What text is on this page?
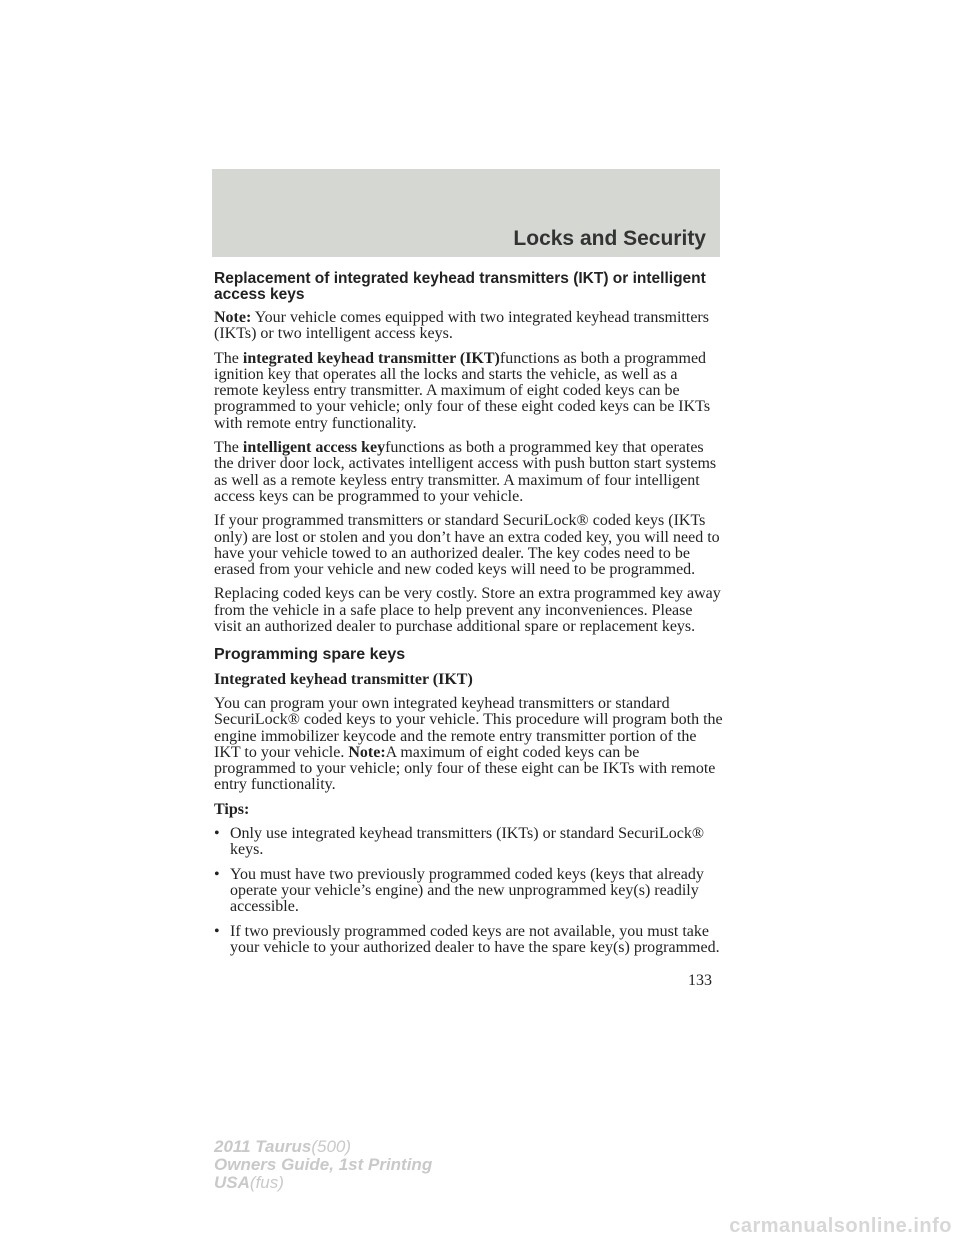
Locks and Security
Replacement of integrated keyhead transmitters (IKT) or intelligent access keys

Note: Your vehicle comes equipped with two integrated keyhead transmitters (IKTs) or two intelligent access keys.

The integrated keyhead transmitter (IKT)functions as both a programmed ignition key that operates all the locks and starts the vehicle, as well as a remote keyless entry transmitter. A maximum of eight coded keys can be programmed to your vehicle; only four of these eight coded keys can be IKTs with remote entry functionality.

The intelligent access keyfunctions as both a programmed key that operates the driver door lock, activates intelligent access with push button start systems as well as a remote keyless entry transmitter. A maximum of four intelligent access keys can be programmed to your vehicle.

If your programmed transmitters or standard SecuriLock® coded keys (IKTs only) are lost or stolen and you don’t have an extra coded key, you will need to have your vehicle towed to an authorized dealer. The key codes need to be erased from your vehicle and new coded keys will need to be programmed.

Replacing coded keys can be very costly. Store an extra programmed key away from the vehicle in a safe place to help prevent any inconveniences. Please visit an authorized dealer to purchase additional spare or replacement keys.

Programming spare keys
Integrated keyhead transmitter (IKT)

You can program your own integrated keyhead transmitters or standard SecuriLock® coded keys to your vehicle. This procedure will program both the engine immobilizer keycode and the remote entry transmitter portion of the IKT to your vehicle. Note:A maximum of eight coded keys can be programmed to your vehicle; only four of these eight can be IKTs with remote entry functionality.

Tips:

• Only use integrated keyhead transmitters (IKTs) or standard SecuriLock® keys.
• You must have two previously programmed coded keys (keys that already operate your vehicle’s engine) and the new unprogrammed key(s) readily accessible.
• If two previously programmed coded keys are not available, you must take your vehicle to your authorized dealer to have the spare key(s) programmed.
133
2011 Taurus(500)
Owners Guide, 1st Printing
USA(fus)
carmanualsonline.info
